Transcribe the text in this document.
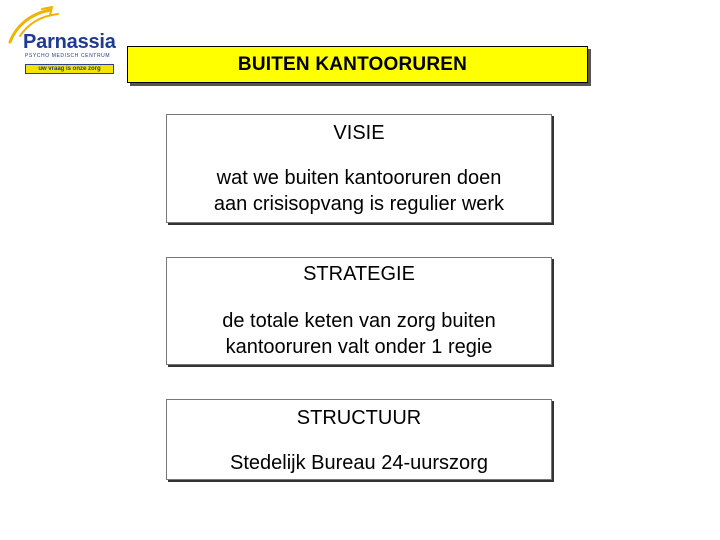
Parnassia
PSYCHO MEDISCH CENTRUM
uw vraag is onze zorg	BUITEN KANTOORUREN
VISIE
wat we buiten kantooruren doen
aan crisisopvang is regulier werk
STRATEGIE
de totale keten van zorg buiten
kantooruren valt onder 1 regie
STRUCTUUR
Stedelijk Bureau 24-uurszorg
